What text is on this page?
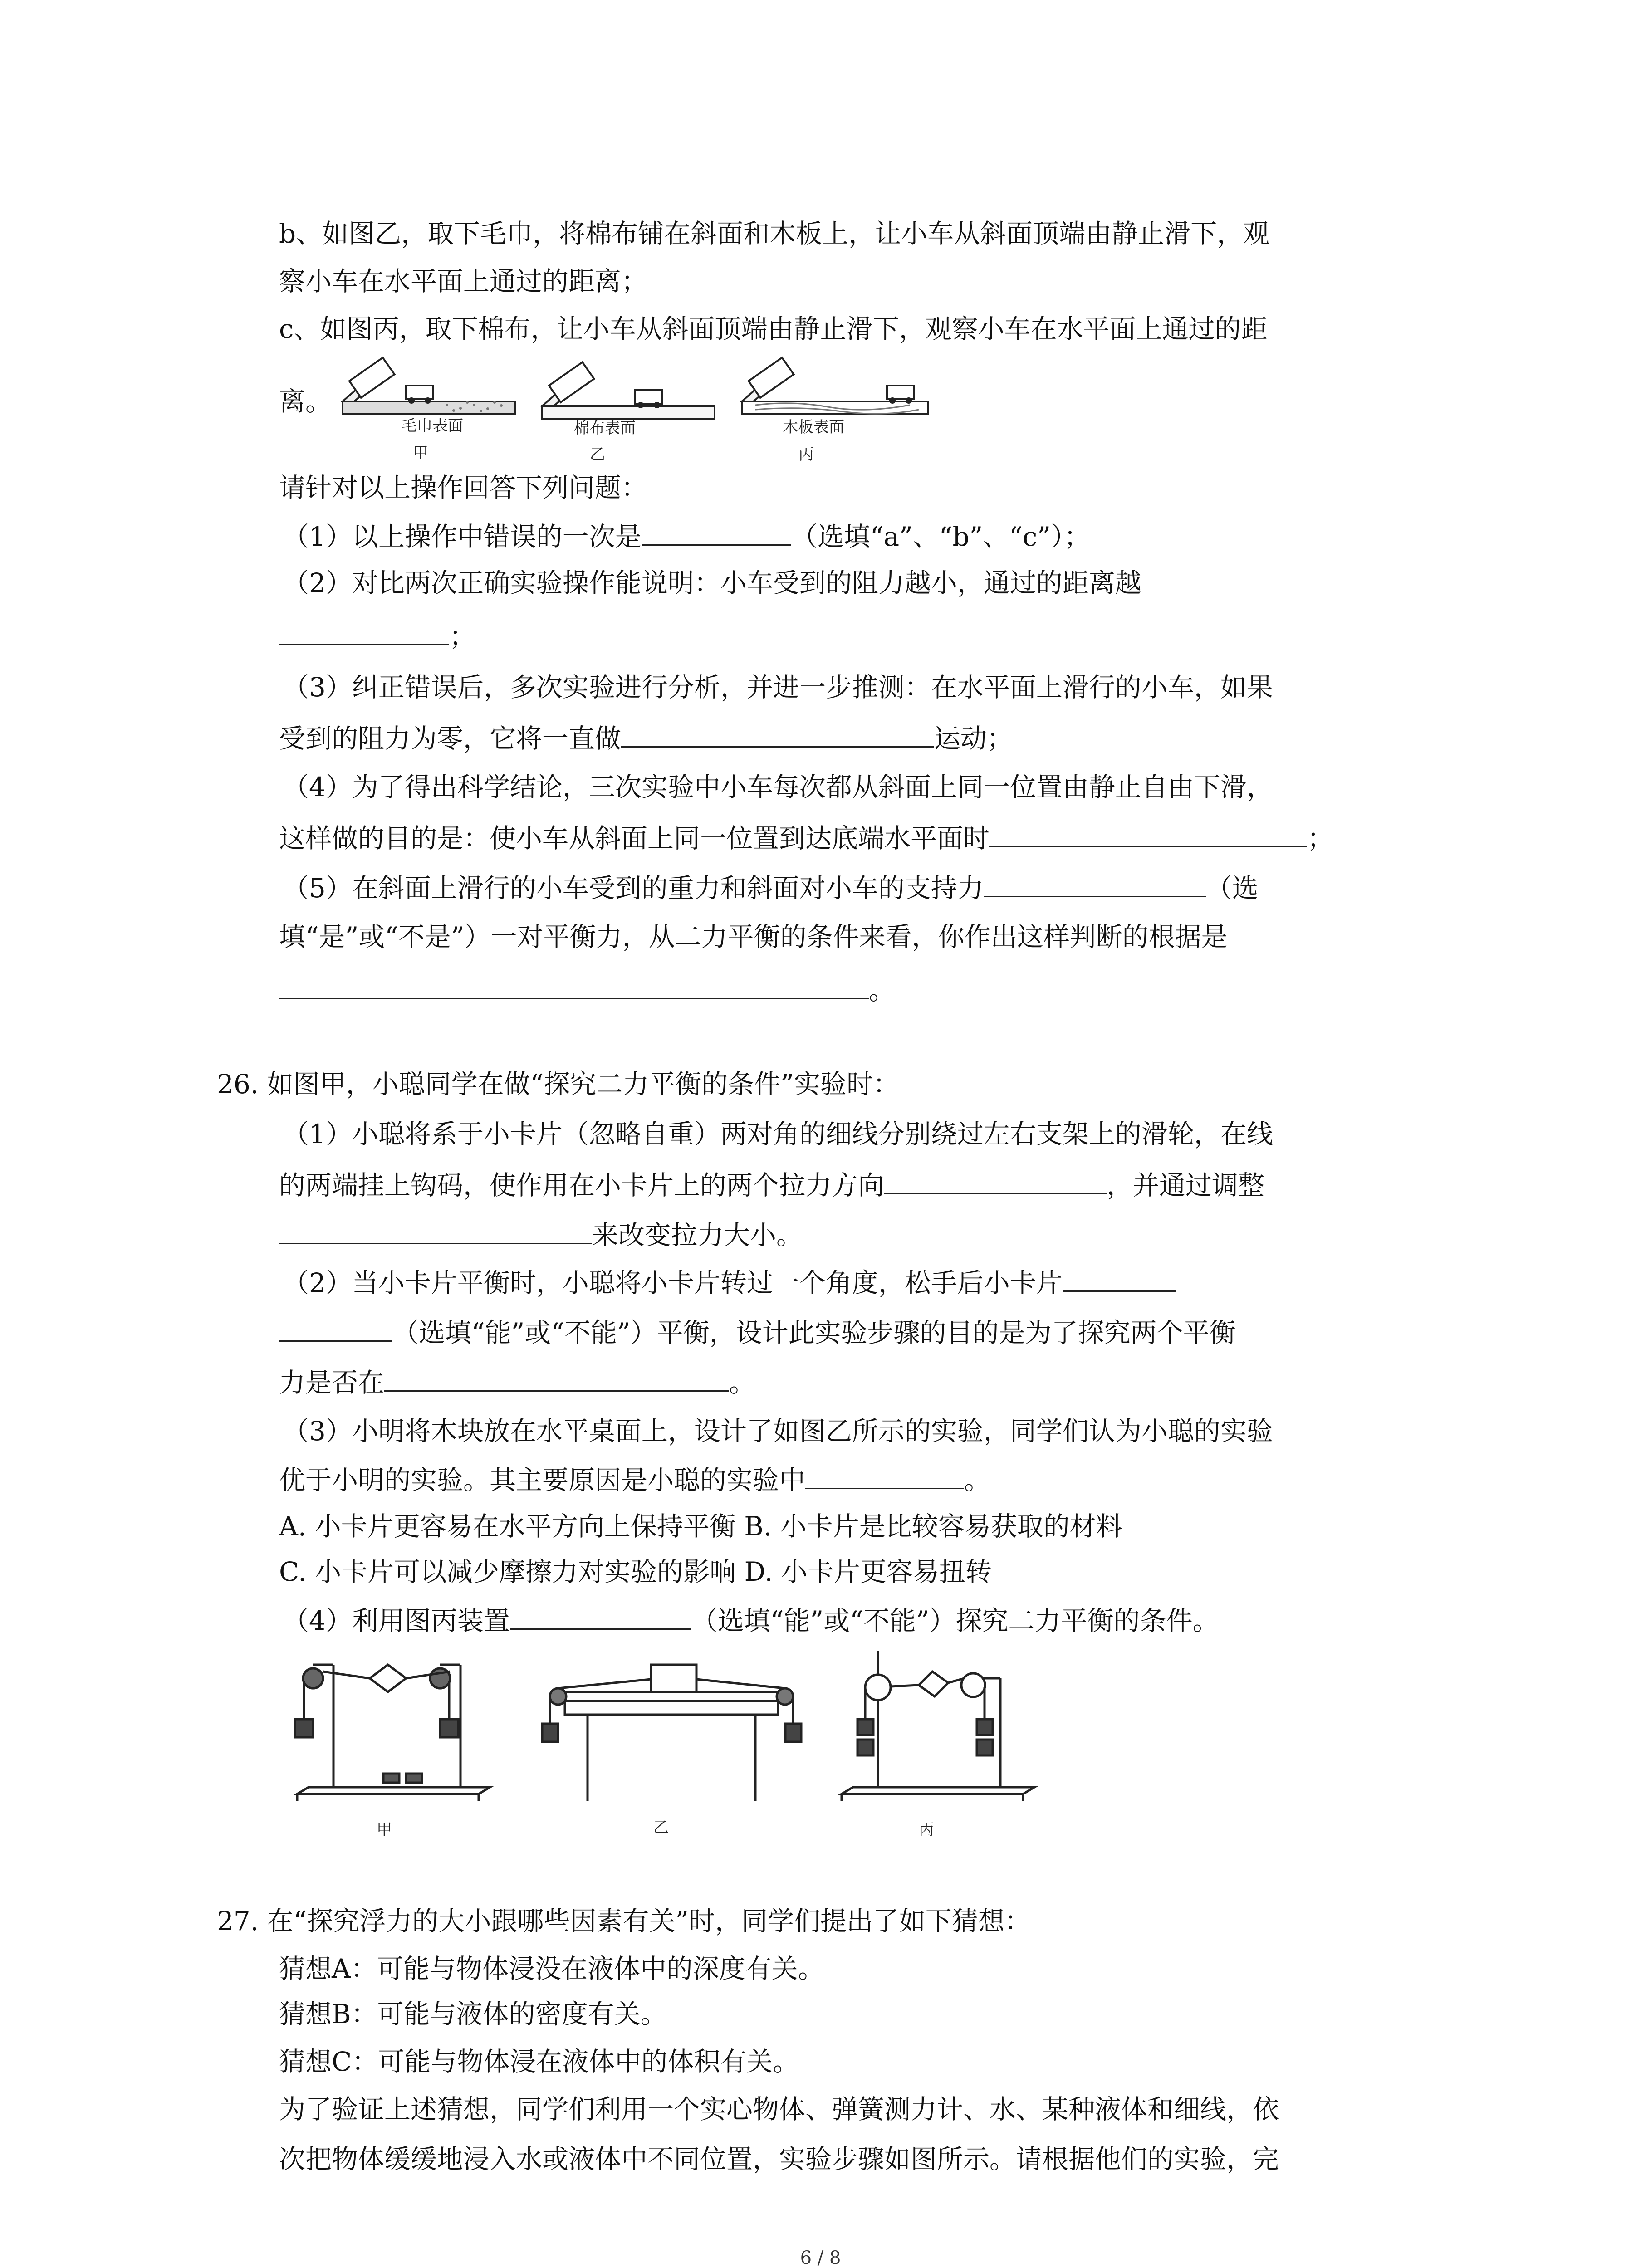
b、如图乙，取下毛巾，将棉布铺在斜面和木板上，让小车从斜面顶端由静止滑下，观
察小车在水平面上通过的距离；
c、如图丙，取下棉布，让小车从斜面顶端由静止滑下，观察小车在水平面上通过的距
离。
毛巾表面
甲
棉布表面
乙
木板表面
丙
请针对以上操作回答下列问题：
（1）以上操作中错误的一次是	（选填“a”、“b”、“c”）；
（2）对比两次正确实验操作能说明：小车受到的阻力越小，通过的距离越
；
（3）纠正错误后，多次实验进行分析，并进一步推测：在水平面上滑行的小车，如果
受到的阻力为零，它将一直做	运动；
（4）为了得出科学结论，三次实验中小车每次都从斜面上同一位置由静止自由下滑，
这样做的目的是：使小车从斜面上同一位置到达底端水平面时	；
（5）在斜面上滑行的小车受到的重力和斜面对小车的支持力	（选
填“是”或“不是”）一对平衡力，从二力平衡的条件来看，你作出这样判断的根据是
。
26. 如图甲，小聪同学在做“探究二力平衡的条件”实验时：
（1）小聪将系于小卡片（忽略自重）两对角的细线分别绕过左右支架上的滑轮，在线
的两端挂上钩码，使作用在小卡片上的两个拉力方向	，并通过调整
来改变拉力大小。
（2）当小卡片平衡时，小聪将小卡片转过一个角度，松手后小卡片
（选填“能”或“不能”）平衡，设计此实验步骤的目的是为了探究两个平衡
力是否在	。
（3）小明将木块放在水平桌面上，设计了如图乙所示的实验，同学们认为小聪的实验
优于小明的实验。其主要原因是小聪的实验中	。
A. 小卡片更容易在水平方向上保持平衡 B. 小卡片是比较容易获取的材料
C. 小卡片可以减少摩擦力对实验的影响 D. 小卡片更容易扭转
（4）利用图丙装置	（选填“能”或“不能”）探究二力平衡的条件。
甲	乙	丙
27. 在“探究浮力的大小跟哪些因素有关”时，同学们提出了如下猜想：
猜想A：可能与物体浸没在液体中的深度有关。
猜想B：可能与液体的密度有关。
猜想C：可能与物体浸在液体中的体积有关。
为了验证上述猜想，同学们利用一个实心物体、弹簧测力计、水、某种液体和细线，依
次把物体缓缓地浸入水或液体中不同位置，实验步骤如图所示。请根据他们的实验，完
6 / 8
